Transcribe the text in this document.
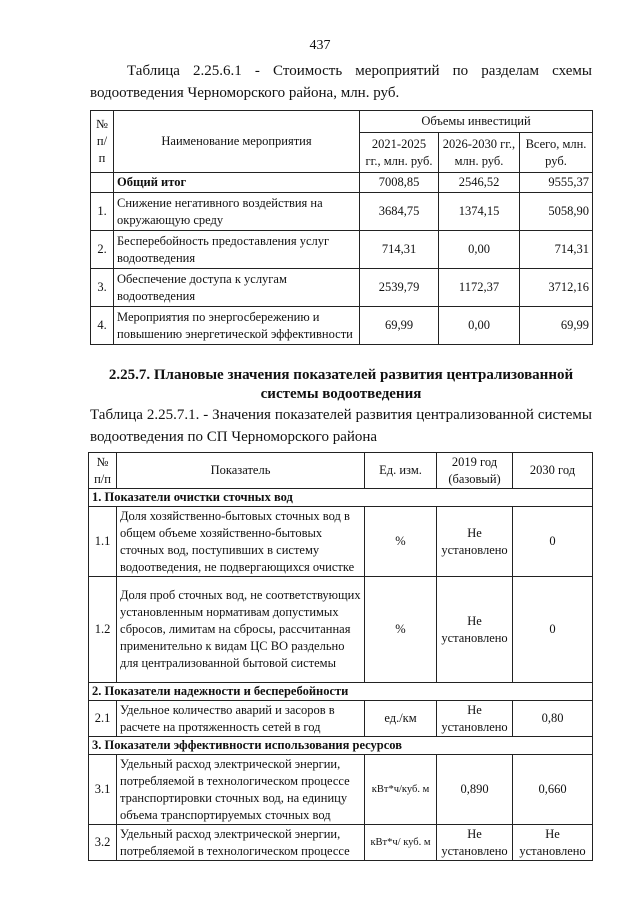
437

Таблица 2.25.6.1 - Стоимость мероприятий по разделам схемы водоотведения Черноморского района, млн. руб.

№ п/п	Наименование мероприятия	Объемы инвестиций		
		2021-2025 гг., млн. руб.	2026-2030 гг., млн. руб.	Всего, млн. руб.
	Общий итог	7008,85	2546,52	9555,37
1.	Снижение негативного воздействия на окружающую среду	3684,75	1374,15	5058,90
2.	Бесперебойность предоставления услуг водоотведения	714,31	0,00	714,31
3.	Обеспечение доступа к услугам водоотведения	2539,79	1172,37	3712,16
4.	Мероприятия по энергосбережению и повышению энергетической эффективности	69,99	0,00	69,99
2.25.7. Плановые значения показателей развития централизованной системы водоотведения

Таблица 2.25.7.1. - Значения показателей развития централизованной системы водоотведения по СП Черноморского района

№ п/п	Показатель	Ед. изм.	2019 год (базовый)	2030 год
1. Показатели очистки сточных вод				
1.1	Доля хозяйственно-бытовых сточных вод в общем объеме хозяйственно-бытовых сточных вод, поступивших в систему водоотведения, не подвергающихся очистке	%	Не установлено	0
1.2	Доля проб сточных вод, не соответствующих установленным нормативам допустимых сбросов, лимитам на сбросы, рассчитанная применительно к видам ЦС ВО раздельно для централизованной бытовой системы	%	Не установлено	0
2. Показатели надежности и бесперебойности				
2.1	Удельное количество аварий и засоров в расчете на протяженность сетей в год	ед./км	Не установлено	0,80
3. Показатели эффективности использования ресурсов				
3.1	Удельный расход электрической энергии, потребляемой в технологическом процессе транспортировки сточных вод, на единицу объема транспортируемых сточных вод	кВт*ч/куб. м	0,890	0,660
3.2	Удельный расход электрической энергии, потребляемой в технологическом процессе	кВт*ч/ куб. м	Не установлено	Не установлено
